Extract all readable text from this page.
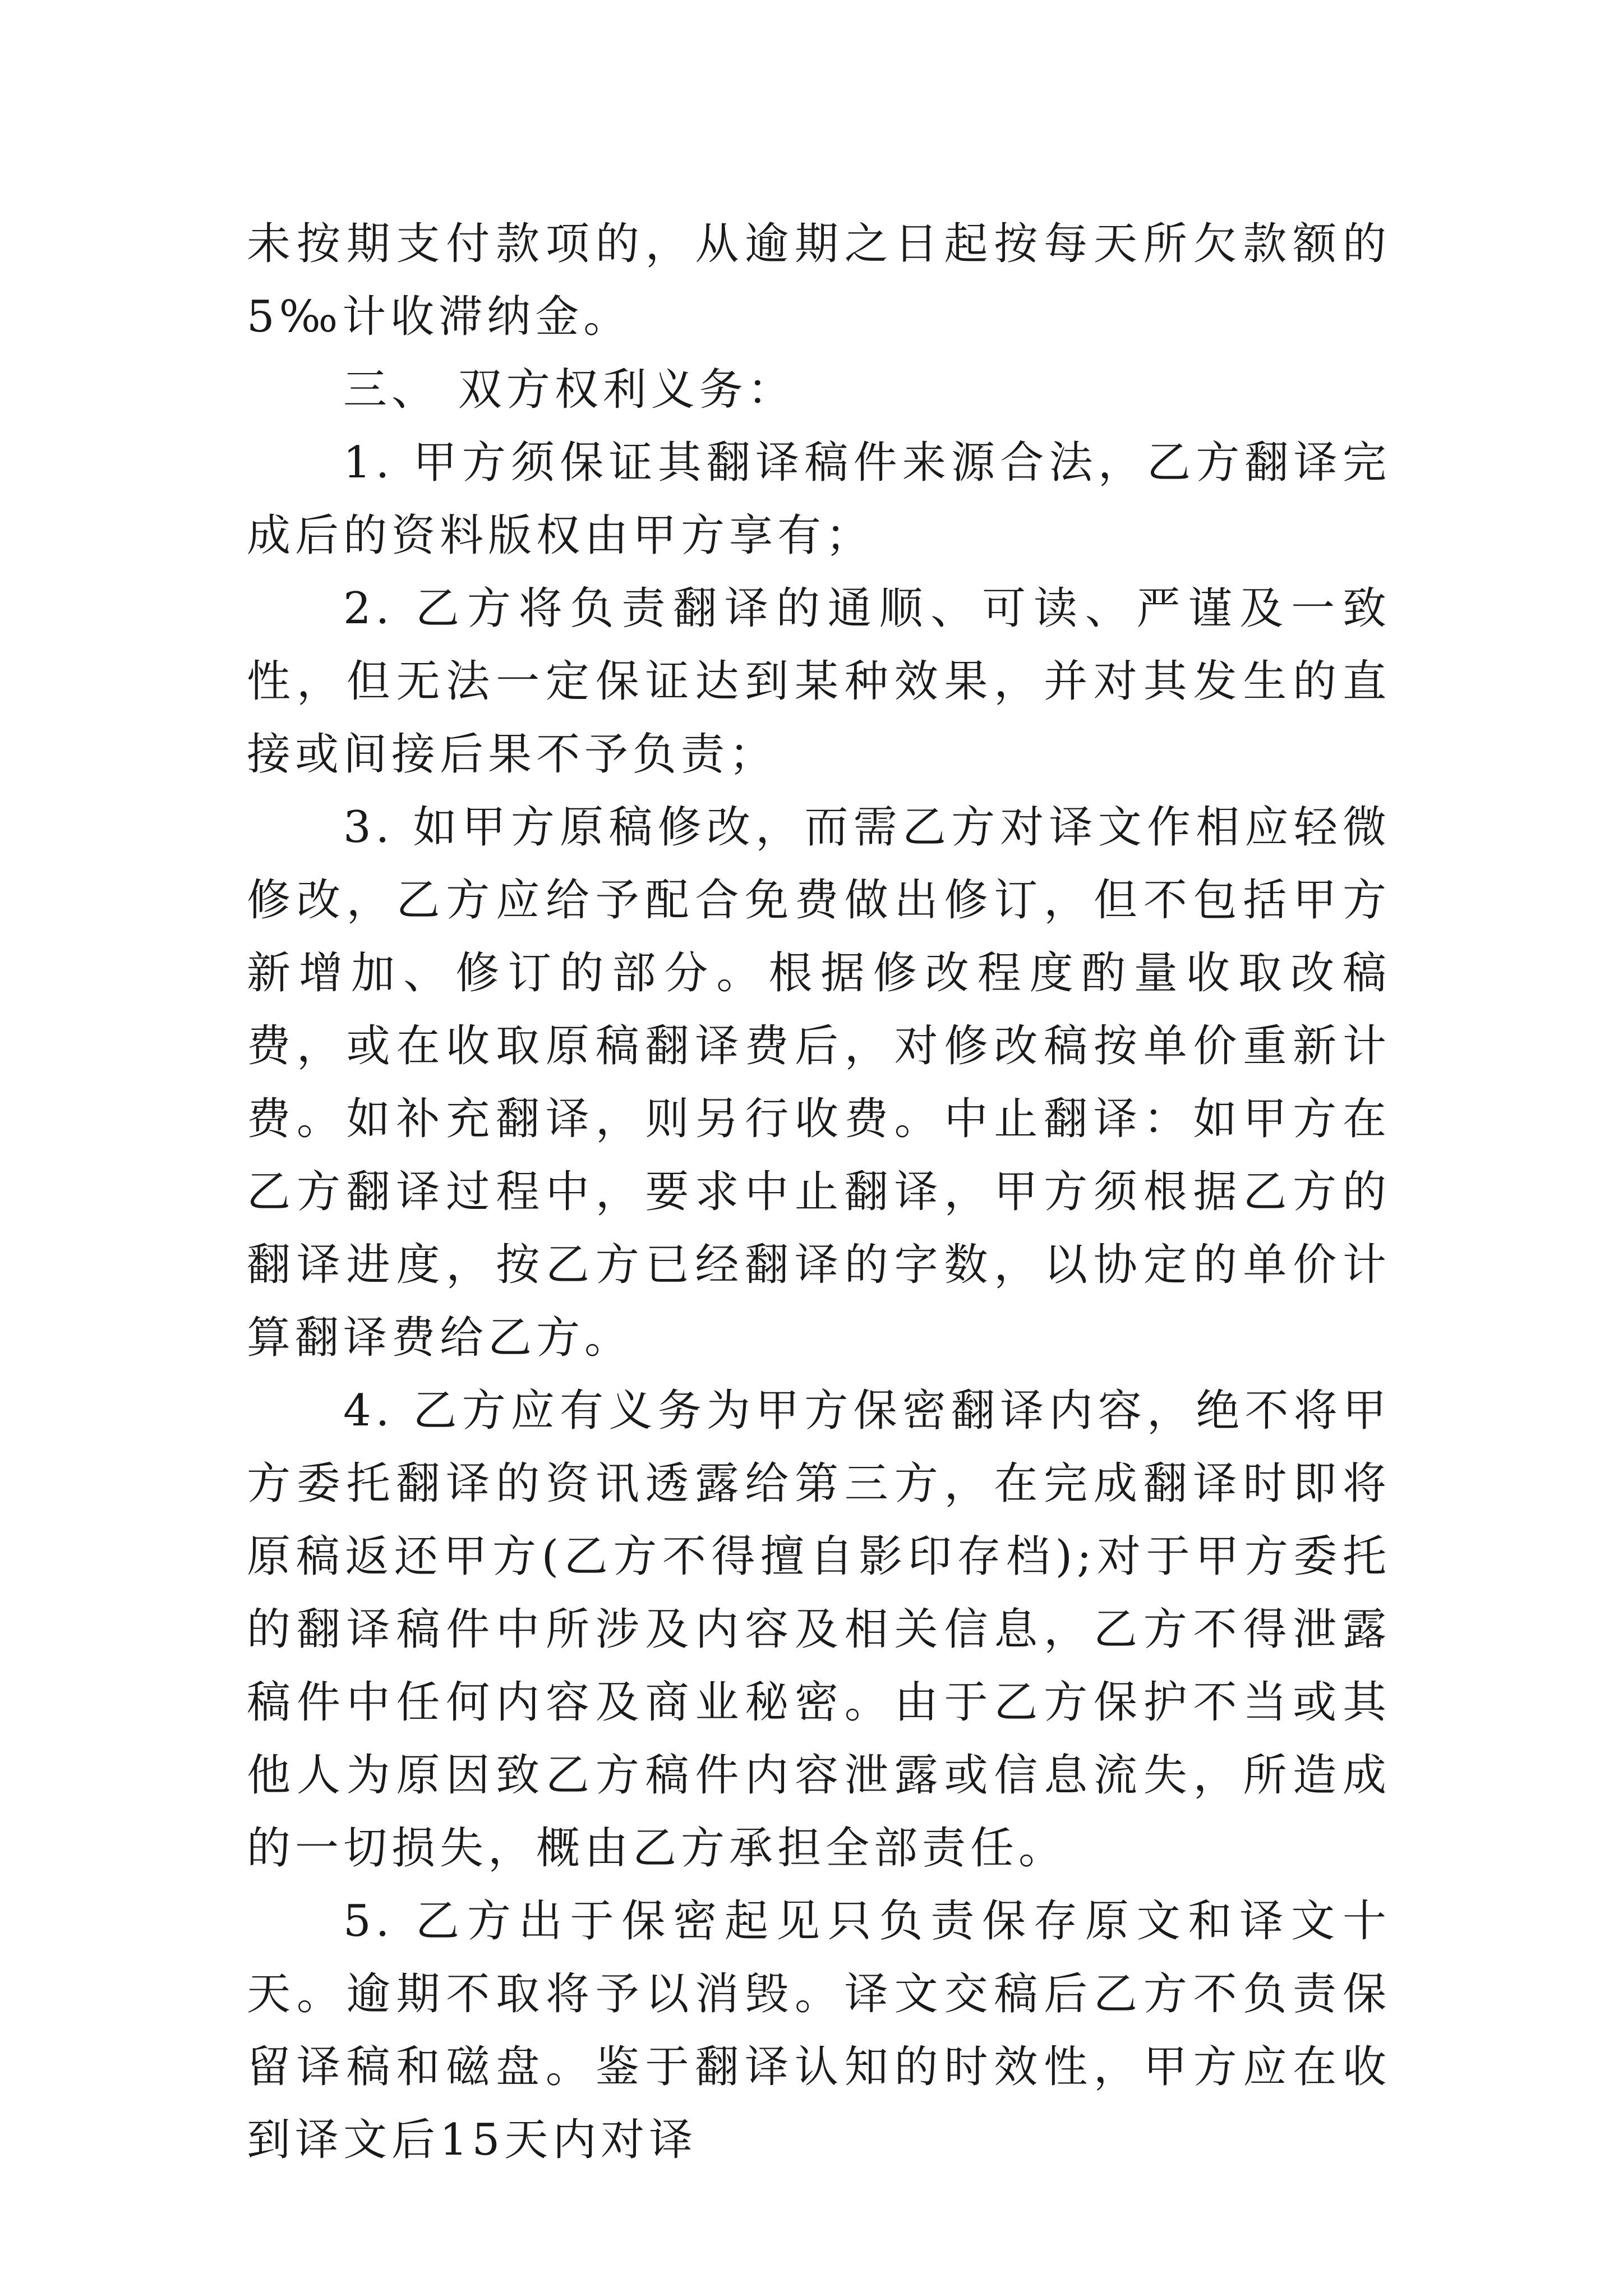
未按期支付款项的，从逾期之日起按每天所欠款额的5‰计收滞纳金。

三、 双方权利义务：

1. 甲方须保证其翻译稿件来源合法，乙方翻译完成后的资料版权由甲方享有；

2. 乙方将负责翻译的通顺、可读、严谨及一致性，但无法一定保证达到某种效果，并对其发生的直接或间接后果不予负责；

3. 如甲方原稿修改，而需乙方对译文作相应轻微修改，乙方应给予配合免费做出修订，但不包括甲方新增加、修订的部分。根据修改程度酌量收取改稿费，或在收取原稿翻译费后，对修改稿按单价重新计费。如补充翻译，则另行收费。中止翻译：如甲方在乙方翻译过程中，要求中止翻译，甲方须根据乙方的翻译进度，按乙方已经翻译的字数，以协定的单价计算翻译费给乙方。

4. 乙方应有义务为甲方保密翻译内容，绝不将甲方委托翻译的资讯透露给第三方，在完成翻译时即将原稿返还甲方(乙方不得擅自影印存档);对于甲方委托的翻译稿件中所涉及内容及相关信息，乙方不得泄露稿件中任何内容及商业秘密。由于乙方保护不当或其他人为原因致乙方稿件内容泄露或信息流失，所造成的一切损失，概由乙方承担全部责任。

5. 乙方出于保密起见只负责保存原文和译文十天。逾期不取将予以消毁。译文交稿后乙方不负责保留译稿和磁盘。鉴于翻译认知的时效性，甲方应在收到译文后15天内对译
